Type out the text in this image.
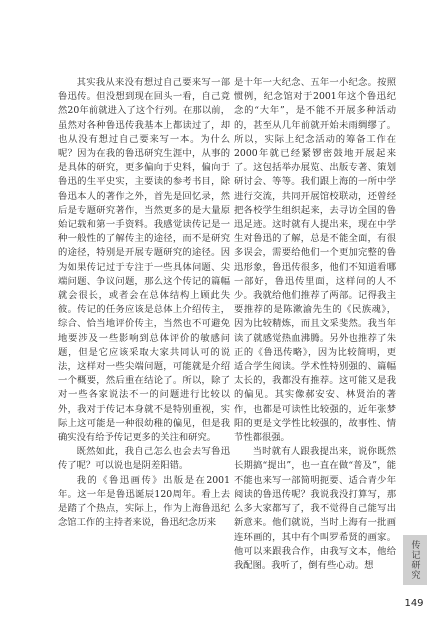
其实我从来没有想过自己要来写一部鲁迅传。但没想到现在回头一看，自己竟然20年前就进入了这个行列。在那以前，虽然对各种鲁迅传我基本上都读过了，却也从没有想过自己要来写一本。为什么呢？因为在我的鲁迅研究生涯中，从事的是具体的研究，更多偏向于史料，偏向于鲁迅的生平史实，主要读的参考书目，除鲁迅本人的著作之外，首先是回忆录，然后是专题研究著作，当然更多的是大量原始记载和第一手资料。我感觉读传记是一种一般性的了解传主的途径，而不是研究的途径，特别是开展专题研究的途径。因为如果传记过于专注于一些具体问题、尖端问题、争议问题，那么这个传记的篇幅就会很长，或者会在总体结构上顾此失彼。传记的任务应该是总体上介绍传主，综合、恰当地评价传主，当然也不可避免地要涉及一些影响到总体评价的敏感问题，但是它应该采取大家共同认可的说法，这样对一些尖端问题，可能就是介绍一个概要，然后重在结论了。所以，除了对一些各家说法不一的问题进行比较以外，我对于传记本身就不是特别重视，实际上这可能是一种很幼稚的偏见，但是我确实没有给予传记更多的关注和研究。

既然如此，我自己怎么也会去写鲁迅传了呢？可以说也是阴差阳错。

我的《鲁迅画传》出版是在2001年。这一年是鲁迅诞辰120周年。看上去是踏了个热点，实际上，作为上海鲁迅纪念馆工作的主持者来说，鲁迅纪念历来

是十年一大纪念、五年一小纪念。按照惯例，纪念馆对于2001年这个鲁迅纪念的“大年”，是不能不开展多种活动的，甚至从几年前就开始未雨绸缪了。所以，实际上纪念活动的筹备工作在2000年就已经紧锣密鼓地开展起来了。这包括举办展览、出版专著、策划研讨会、等等。我们跟上海的一所中学进行交流，共同开展馆校联动，还曾经把各校学生组织起来，去寻访全国的鲁迅足迹。这时就有人提出来，现在中学生对鲁迅的了解，总是不能全面，有很多误会，需要给他们一个更加完整的鲁迅形象，鲁迅传很多，他们不知道看哪一部好，鲁迅传里面，这样问的人不少。我就给他们推荐了两部。记得我主要推荐的是陈漱渝先生的《民族魂》，因为比较精炼，而且文采斐然。我当年读了就感觉热血沸腾。另外也推荐了朱正的《鲁迅传略》，因为比较简明，更适合学生阅读。学术性特别强的、篇幅太长的，我都没有推荐。这可能又是我的偏见。其实像郝安安、林贤治的著作，也都是可读性比较强的，近年张梦阳的更是文学性比较强的，故事性、情节性都很强。

当时就有人跟我提出来，说你既然长期搞“提出”，也一直在做“普及”，能不能也来写一部简明扼要、适合青少年阅读的鲁迅传呢？我说我没打算写，那么多大家都写了，我不觉得自己能写出新意来。他们就说，当时上海有一批画连环画的，其中有个叫罗希贤的画家。他可以来跟我合作，由我写文本，他给我配图。我听了，倒有些心动。想	传记研究
149
